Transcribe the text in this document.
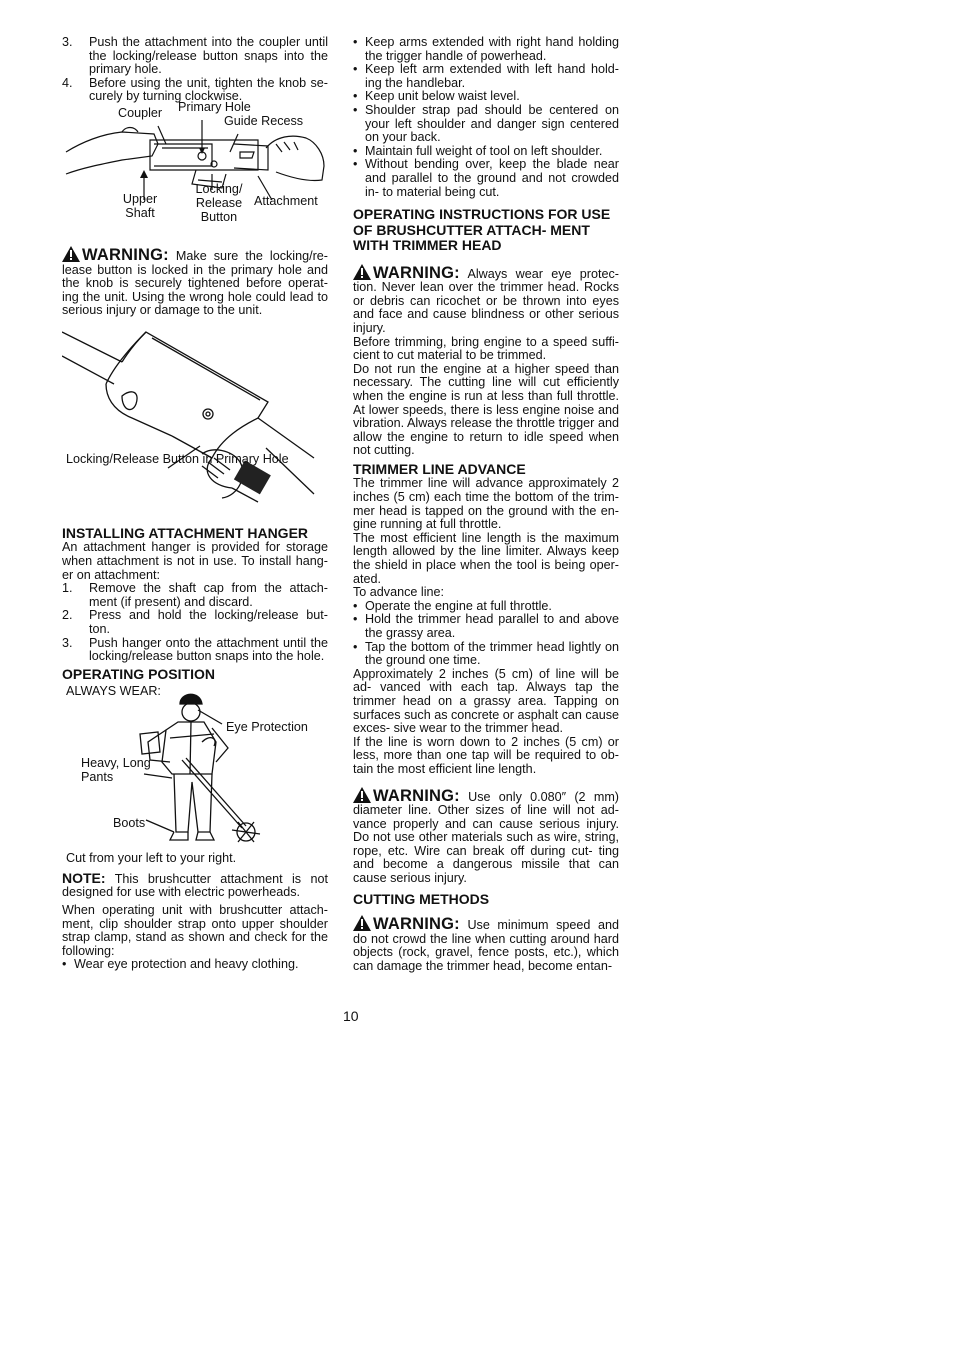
3. Push the attachment into the coupler until the locking/release button snaps into the primary hole.
4. Before using the unit, tighten the knob se- curely by turning clockwise.
Coupler Primary Hole
Guide Recess
Upper Shaft
Locking/ Release Button
Attachment

WARNING: Make sure the locking/re- lease button is locked in the primary hole and the knob is securely tightened before operat- ing the unit. Using the wrong hole could lead to serious injury or damage to the unit.

Locking/Release Button in Primary Hole
INSTALLING ATTACHMENT HANGER

An attachment hanger is provided for storage when attachment is not in use. To install hang- er on attachment:

1. Remove the shaft cap from the attach- ment (if present) and discard.
2. Press and hold the locking/release but- ton.
3. Push hanger onto the attachment until the locking/release button snaps into the hole.
OPERATING POSITION
ALWAYS WEAR:
Eye Protection
Heavy, Long Pants
Boots

Cut from your left to your right.

NOTE: This brushcutter attachment is not designed for use with electric powerheads.

When operating unit with brushcutter attach- ment, clip shoulder strap onto upper shoulder strap clamp, stand as shown and check for the following:

• Wear eye protection and heavy clothing.
• Keep arms extended with right hand holding the trigger handle of powerhead.
• Keep left arm extended with left hand hold- ing the handlebar.
• Keep unit below waist level.
• Shoulder strap pad should be centered on your left shoulder and danger sign centered on your back.
• Maintain full weight of tool on left shoulder.
• Without bending over, keep the blade near and parallel to the ground and not crowded in- to material being cut.
OPERATING INSTRUCTIONS FOR USE OF BRUSHCUTTER ATTACH- MENT WITH TRIMMER HEAD

WARNING: Always wear eye protec- tion. Never lean over the trimmer head. Rocks or debris can ricochet or be thrown into eyes and face and cause blindness or other serious injury.

Before trimming, bring engine to a speed suffi- cient to cut material to be trimmed.

Do not run the engine at a higher speed than necessary. The cutting line will cut efficiently when the engine is run at less than full throttle. At lower speeds, there is less engine noise and vibration. Always release the throttle trigger and allow the engine to return to idle speed when not cutting.

TRIMMER LINE ADVANCE

The trimmer line will advance approximately 2 inches (5 cm) each time the bottom of the trim- mer head is tapped on the ground with the en- gine running at full throttle.

The most efficient line length is the maximum length allowed by the line limiter. Always keep the shield in place when the tool is being oper- ated.

To advance line:

• Operate the engine at full throttle.
• Hold the trimmer head parallel to and above the grassy area.
• Tap the bottom of the trimmer head lightly on the ground one time.

Approximately 2 inches (5 cm) of line will be ad- vanced with each tap. Always tap the trimmer head on a grassy area. Tapping on surfaces such as concrete or asphalt can cause exces- sive wear to the trimmer head.

If the line is worn down to 2 inches (5 cm) or less, more than one tap will be required to ob- tain the most efficient line length.

WARNING: Use only 0.080″ (2 mm) diameter line. Other sizes of line will not ad- vance properly and can cause serious injury. Do not use other materials such as wire, string, rope, etc. Wire can break off during cut- ting and become a dangerous missile that can cause serious injury.

CUTTING METHODS

WARNING: Use minimum speed and do not crowd the line when cutting around hard objects (rock, gravel, fence posts, etc.), which can damage the trimmer head, become entan-

10
